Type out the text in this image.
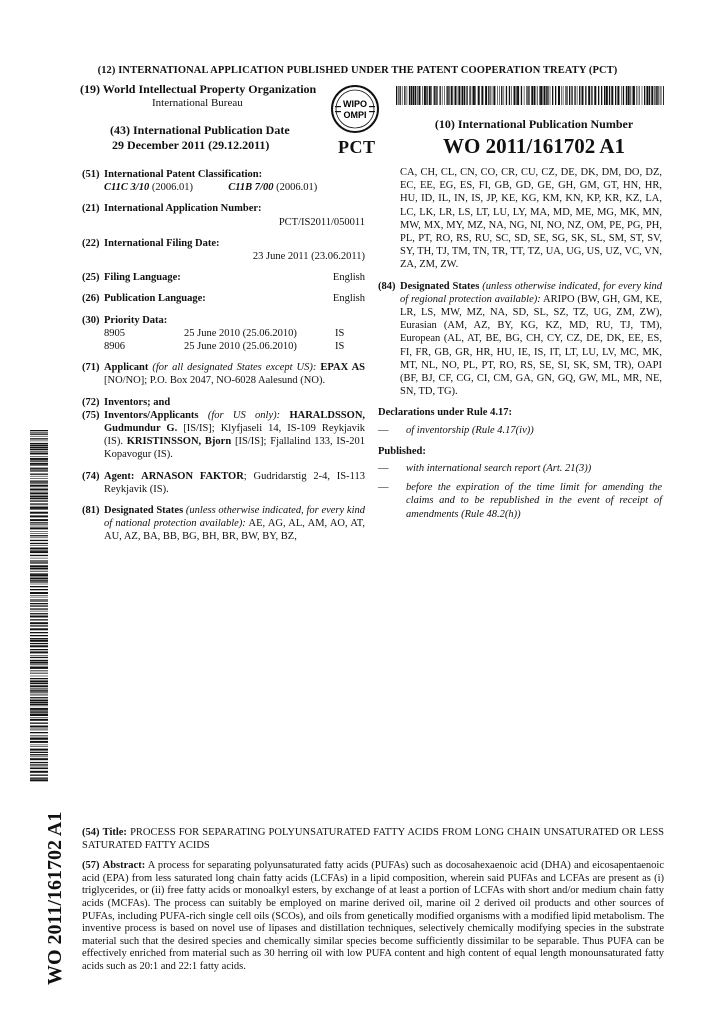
(12) INTERNATIONAL APPLICATION PUBLISHED UNDER THE PATENT COOPERATION TREATY (PCT)
(19) World Intellectual Property Organization
International Bureau
(43) International Publication Date
29 December 2011 (29.12.2011)
WIPO
OMPI
PCT
(10) International Publication Number
WO 2011/161702 A1
(51) International Patent Classification:
C11C 3/10 (2006.01)	C11B 7/00 (2006.01)
(21) International Application Number:
PCT/IS2011/050011
(22) International Filing Date:
23 June 2011 (23.06.2011)
(25) Filing Language:	English
(26) Publication Language:	English
(30) Priority Data:
8905	25 June 2010 (25.06.2010)	IS
8906	25 June 2010 (25.06.2010)	IS
(71) Applicant (for all designated States except US): EPAX AS [NO/NO]; P.O. Box 2047, NO-6028 Aalesund (NO).
(72) Inventors; and
(75) Inventors/Applicants (for US only): HARALDSSON, Gudmundur G. [IS/IS]; Klyfjaseli 14, IS-109 Reykjavik (IS). KRISTINSSON, Bjorn [IS/IS]; Fjallalind 133, IS-201 Kopavogur (IS).
(74) Agent: ARNASON FAKTOR; Gudridarstig 2-4, IS-113 Reykjavik (IS).
(81) Designated States (unless otherwise indicated, for every kind of national protection available): AE, AG, AL, AM, AO, AT, AU, AZ, BA, BB, BG, BH, BR, BW, BY, BZ,
CA, CH, CL, CN, CO, CR, CU, CZ, DE, DK, DM, DO, DZ, EC, EE, EG, ES, FI, GB, GD, GE, GH, GM, GT, HN, HR, HU, ID, IL, IN, IS, JP, KE, KG, KM, KN, KP, KR, KZ, LA, LC, LK, LR, LS, LT, LU, LY, MA, MD, ME, MG, MK, MN, MW, MX, MY, MZ, NA, NG, NI, NO, NZ, OM, PE, PG, PH, PL, PT, RO, RS, RU, SC, SD, SE, SG, SK, SL, SM, ST, SV, SY, TH, TJ, TM, TN, TR, TT, TZ, UA, UG, US, UZ, VC, VN, ZA, ZM, ZW.
(84) Designated States (unless otherwise indicated, for every kind of regional protection available): ARIPO (BW, GH, GM, KE, LR, LS, MW, MZ, NA, SD, SL, SZ, TZ, UG, ZM, ZW), Eurasian (AM, AZ, BY, KG, KZ, MD, RU, TJ, TM), European (AL, AT, BE, BG, CH, CY, CZ, DE, DK, EE, ES, FI, FR, GB, GR, HR, HU, IE, IS, IT, LT, LU, LV, MC, MK, MT, NL, NO, PL, PT, RO, RS, SE, SI, SK, SM, TR), OAPI (BF, BJ, CF, CG, CI, CM, GA, GN, GQ, GW, ML, MR, NE, SN, TD, TG).
Declarations under Rule 4.17:
—	of inventorship (Rule 4.17(iv))
Published:
—	with international search report (Art. 21(3))
—	before the expiration of the time limit for amending the claims and to be republished in the event of receipt of amendments (Rule 48.2(h))
WO 2011/161702 A1 (54) Title: PROCESS FOR SEPARATING POLYUNSATURATED FATTY ACIDS FROM LONG CHAIN UNSATURATED OR LESS SATURATED FATTY ACIDS
(57) Abstract: A process for separating polyunsaturated fatty acids (PUFAs) such as docosahexaenoic acid (DHA) and eicosapentaenoic acid (EPA) from less saturated long chain fatty acids (LCFAs) in a lipid composition, wherein said PUFAs and LCFAs are present as (i) triglycerides, or (ii) free fatty acids or monoalkyl esters, by exchange of at least a portion of LCFAs with short and/or medium chain fatty acids (MCFAs). The process can suitably be employed on marine derived oil, marine oil 2 derived oil products and other sources of PUFAs, including PUFA-rich single cell oils (SCOs), and oils from genetically modified organisms with a modified lipid metabolism. The inventive process is based on novel use of lipases and distillation techniques, selectively chemically modifying species in the substrate material such that the desired species and chemically similar species become sufficiently dissimilar to be separable. Thus PUFA can be effectively enriched from material such as 30 herring oil with low PUFA content and high content of equal length monounsaturated fatty acids such as 20:1 and 22:1 fatty acids.
